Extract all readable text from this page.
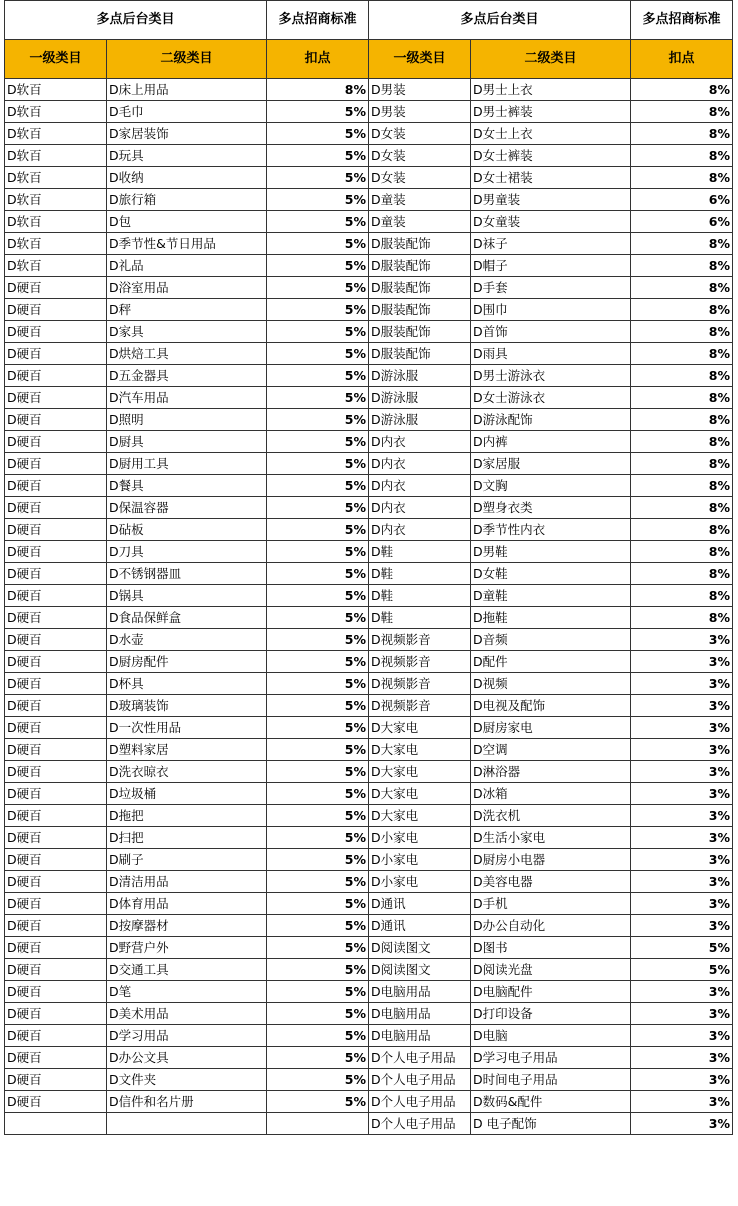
多点后台类目		多点招商标准	多点后台类目		多点招商标准
一级类目	二级类目	扣点	一级类目	二级类目	扣点
D软百	D床上用品	8%	D男装	D男士上衣	8%
D软百	D毛巾	5%	D男装	D男士裤装	8%
D软百	D家居装饰	5%	D女装	D女士上衣	8%
D软百	D玩具	5%	D女装	D女士裤装	8%
D软百	D收纳	5%	D女装	D女士裙装	8%
D软百	D旅行箱	5%	D童装	D男童装	6%
D软百	D包	5%	D童装	D女童装	6%
D软百	D季节性&节日用品	5%	D服装配饰	D袜子	8%
D软百	D礼品	5%	D服装配饰	D帽子	8%
D硬百	D浴室用品	5%	D服装配饰	D手套	8%
D硬百	D秤	5%	D服装配饰	D围巾	8%
D硬百	D家具	5%	D服装配饰	D首饰	8%
D硬百	D烘焙工具	5%	D服装配饰	D雨具	8%
D硬百	D五金器具	5%	D游泳服	D男士游泳衣	8%
D硬百	D汽车用品	5%	D游泳服	D女士游泳衣	8%
D硬百	D照明	5%	D游泳服	D游泳配饰	8%
D硬百	D厨具	5%	D内衣	D内裤	8%
D硬百	D厨用工具	5%	D内衣	D家居服	8%
D硬百	D餐具	5%	D内衣	D文胸	8%
D硬百	D保温容器	5%	D内衣	D塑身衣类	8%
D硬百	D砧板	5%	D内衣	D季节性内衣	8%
D硬百	D刀具	5%	D鞋	D男鞋	8%
D硬百	D不锈钢器皿	5%	D鞋	D女鞋	8%
D硬百	D锅具	5%	D鞋	D童鞋	8%
D硬百	D食品保鲜盒	5%	D鞋	D拖鞋	8%
D硬百	D水壶	5%	D视频影音	D音频	3%
D硬百	D厨房配件	5%	D视频影音	D配件	3%
D硬百	D杯具	5%	D视频影音	D视频	3%
D硬百	D玻璃装饰	5%	D视频影音	D电视及配饰	3%
D硬百	D一次性用品	5%	D大家电	D厨房家电	3%
D硬百	D塑料家居	5%	D大家电	D空调	3%
D硬百	D洗衣晾衣	5%	D大家电	D淋浴器	3%
D硬百	D垃圾桶	5%	D大家电	D冰箱	3%
D硬百	D拖把	5%	D大家电	D洗衣机	3%
D硬百	D扫把	5%	D小家电	D生活小家电	3%
D硬百	D刷子	5%	D小家电	D厨房小电器	3%
D硬百	D清洁用品	5%	D小家电	D美容电器	3%
D硬百	D体育用品	5%	D通讯	D手机	3%
D硬百	D按摩器材	5%	D通讯	D办公自动化	3%
D硬百	D野营户外	5%	D阅读图文	D图书	5%
D硬百	D交通工具	5%	D阅读图文	D阅读光盘	5%
D硬百	D笔	5%	D电脑用品	D电脑配件	3%
D硬百	D美术用品	5%	D电脑用品	D打印设备	3%
D硬百	D学习用品	5%	D电脑用品	D电脑	3%
D硬百	D办公文具	5%	D个人电子用品	D学习电子用品	3%
D硬百	D文件夹	5%	D个人电子用品	D时间电子用品	3%
D硬百	D信件和名片册	5%	D个人电子用品	D数码&配件	3%
			D个人电子用品	D 电子配饰	3%
